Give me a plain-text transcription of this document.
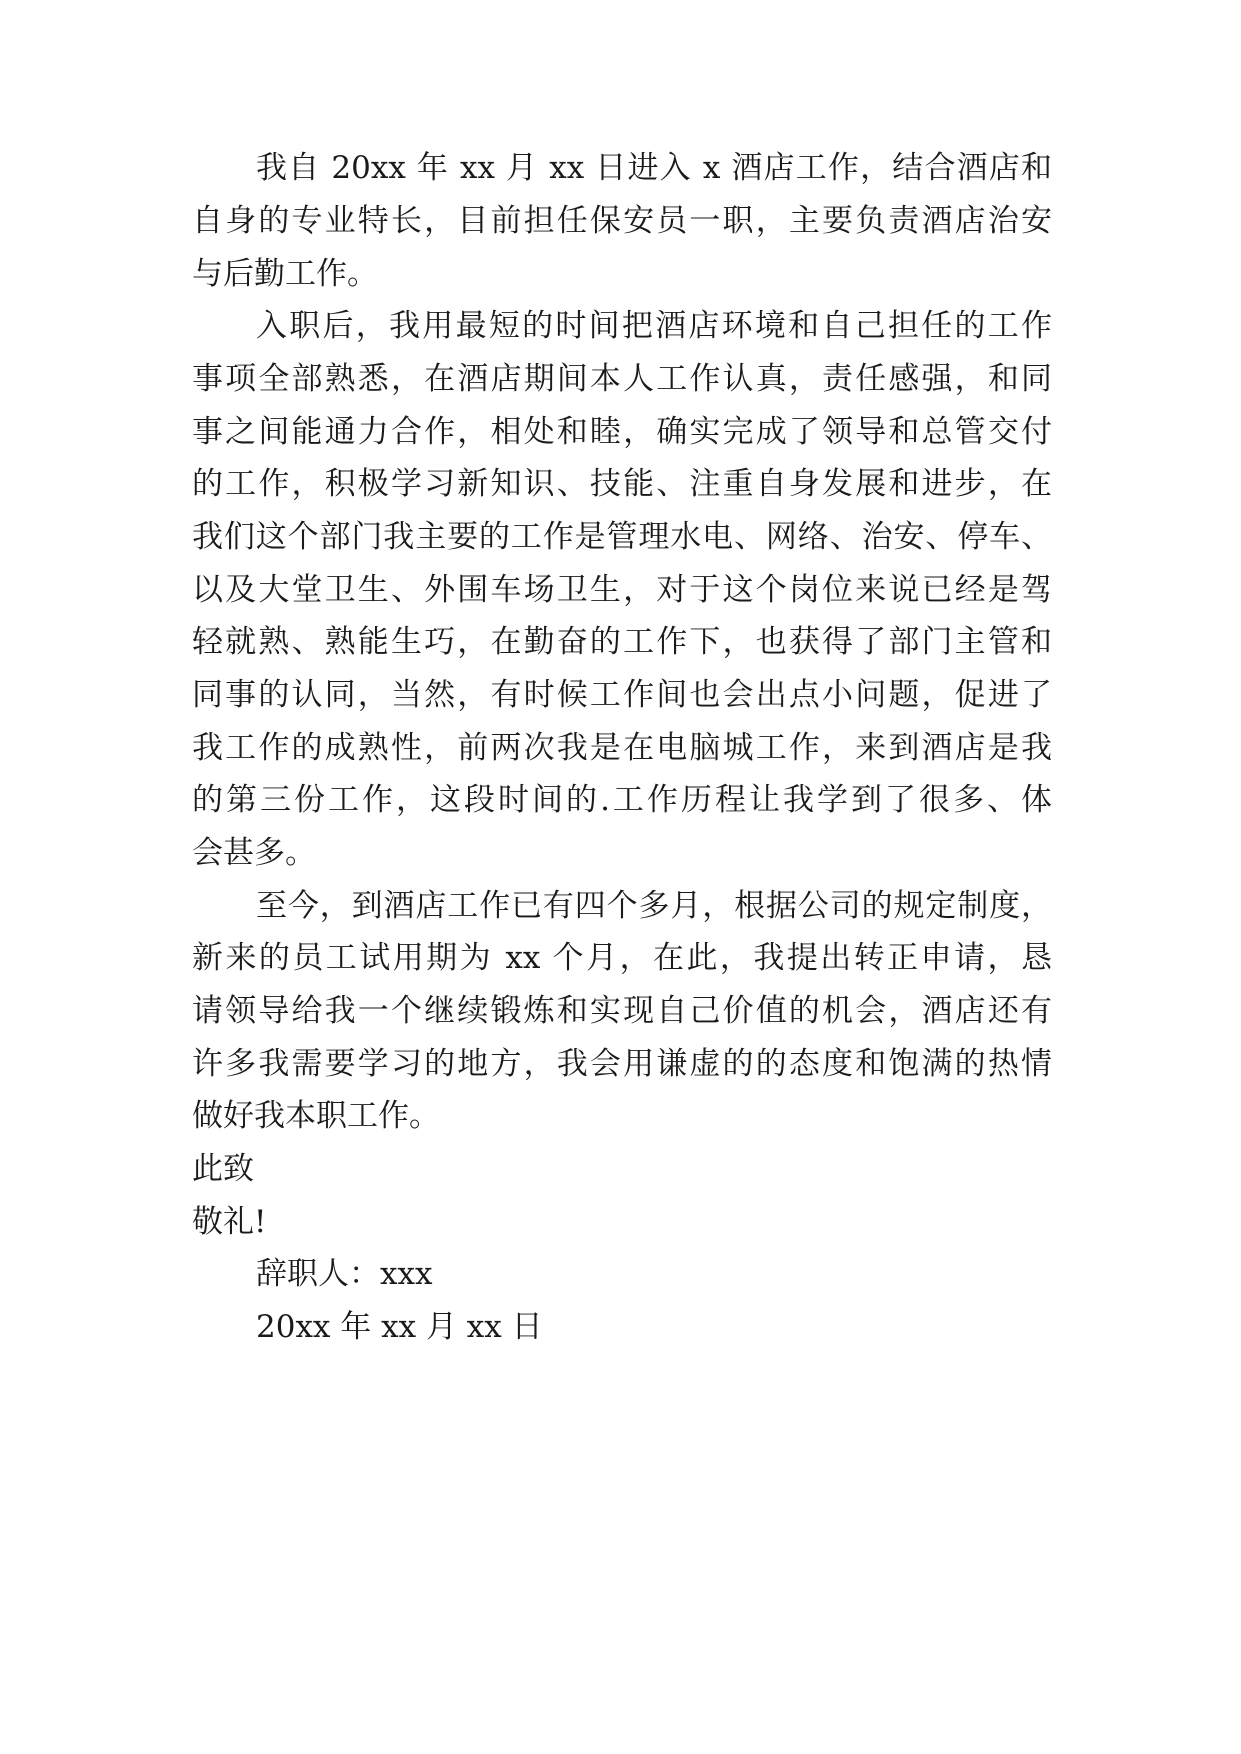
我自 20xx 年 xx 月 xx 日进入 x 酒店工作，结合酒店和
自身的专业特长，目前担任保安员一职，主要负责酒店治安
与后勤工作。
入职后，我用最短的时间把酒店环境和自己担任的工作
事项全部熟悉，在酒店期间本人工作认真，责任感强，和同
事之间能通力合作，相处和睦，确实完成了领导和总管交付
的工作，积极学习新知识、技能、注重自身发展和进步，在
我们这个部门我主要的工作是管理水电、网络、治安、停车、
以及大堂卫生、外围车场卫生，对于这个岗位来说已经是驾
轻就熟、熟能生巧，在勤奋的工作下，也获得了部门主管和
同事的认同，当然，有时候工作间也会出点小问题，促进了
我工作的成熟性，前两次我是在电脑城工作，来到酒店是我
的第三份工作，这段时间的.工作历程让我学到了很多、体
会甚多。
至今，到酒店工作已有四个多月，根据公司的规定制度，
新来的员工试用期为 xx 个月，在此，我提出转正申请，恳
请领导给我一个继续锻炼和实现自己价值的机会，酒店还有
许多我需要学习的地方，我会用谦虚的的态度和饱满的热情
做好我本职工作。
此致
敬礼!
辞职人：xxx
20xx 年 xx 月 xx 日
